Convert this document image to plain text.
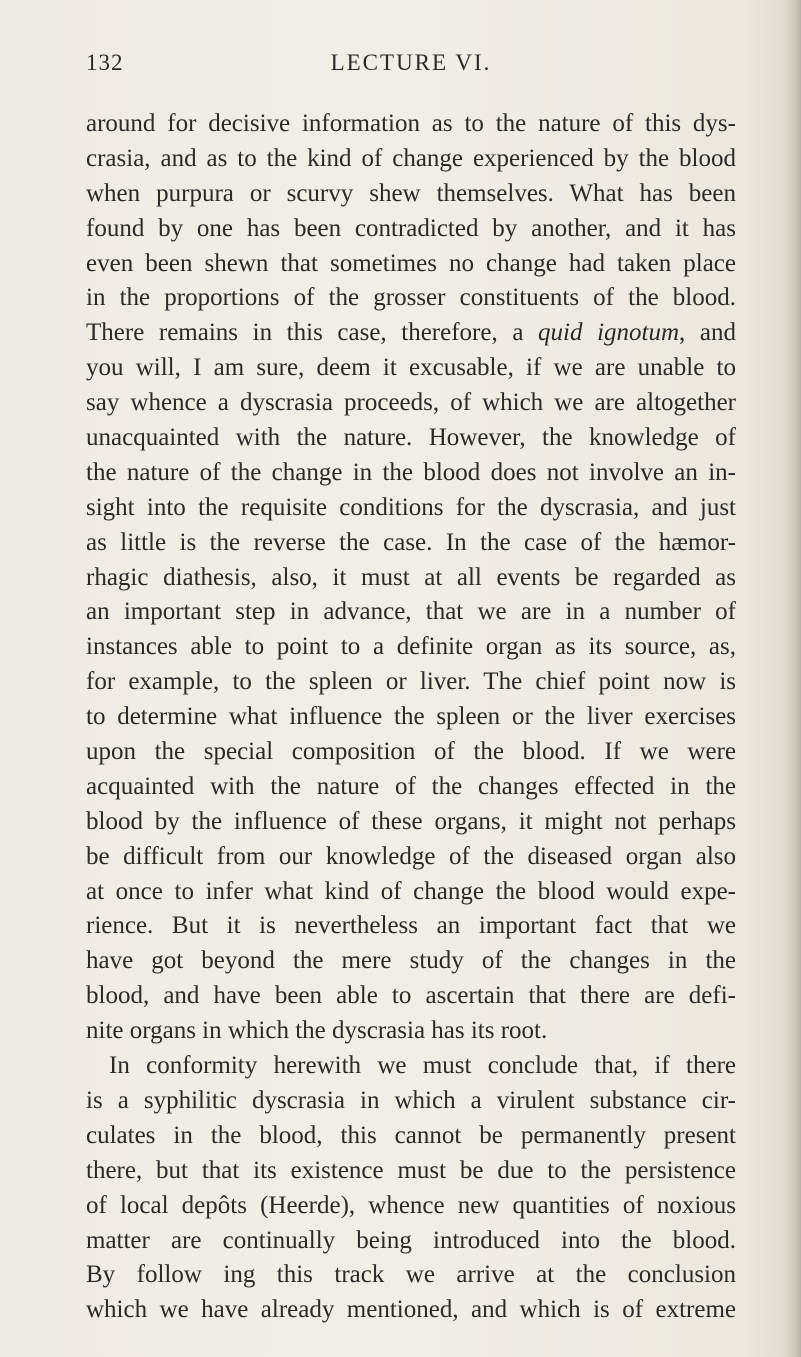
132	LECTURE VI.
around for decisive information as to the nature of this dys-
crasia, and as to the kind of change experienced by the blood
when purpura or scurvy shew themselves. What has been
found by one has been contradicted by another, and it has
even been shewn that sometimes no change had taken place
in the proportions of the grosser constituents of the blood.
There remains in this case, therefore, a quid ignotum, and
you will, I am sure, deem it excusable, if we are unable to
say whence a dyscrasia proceeds, of which we are altogether
unacquainted with the nature. However, the knowledge of
the nature of the change in the blood does not involve an in-
sight into the requisite conditions for the dyscrasia, and just
as little is the reverse the case. In the case of the hæmor-
rhagic diathesis, also, it must at all events be regarded as
an important step in advance, that we are in a number of
instances able to point to a definite organ as its source, as,
for example, to the spleen or liver. The chief point now is
to determine what influence the spleen or the liver exercises
upon the special composition of the blood. If we were
acquainted with the nature of the changes effected in the
blood by the influence of these organs, it might not perhaps
be difficult from our knowledge of the diseased organ also
at once to infer what kind of change the blood would expe-
rience. But it is nevertheless an important fact that we
have got beyond the mere study of the changes in the
blood, and have been able to ascertain that there are defi-
nite organs in which the dyscrasia has its root.
In conformity herewith we must conclude that, if there
is a syphilitic dyscrasia in which a virulent substance cir-
culates in the blood, this cannot be permanently present
there, but that its existence must be due to the persistence
of local depôts (Heerde), whence new quantities of noxious
matter are continually being introduced into the blood.
By follow ing this track we arrive at the conclusion
which we have already mentioned, and which is of extreme
